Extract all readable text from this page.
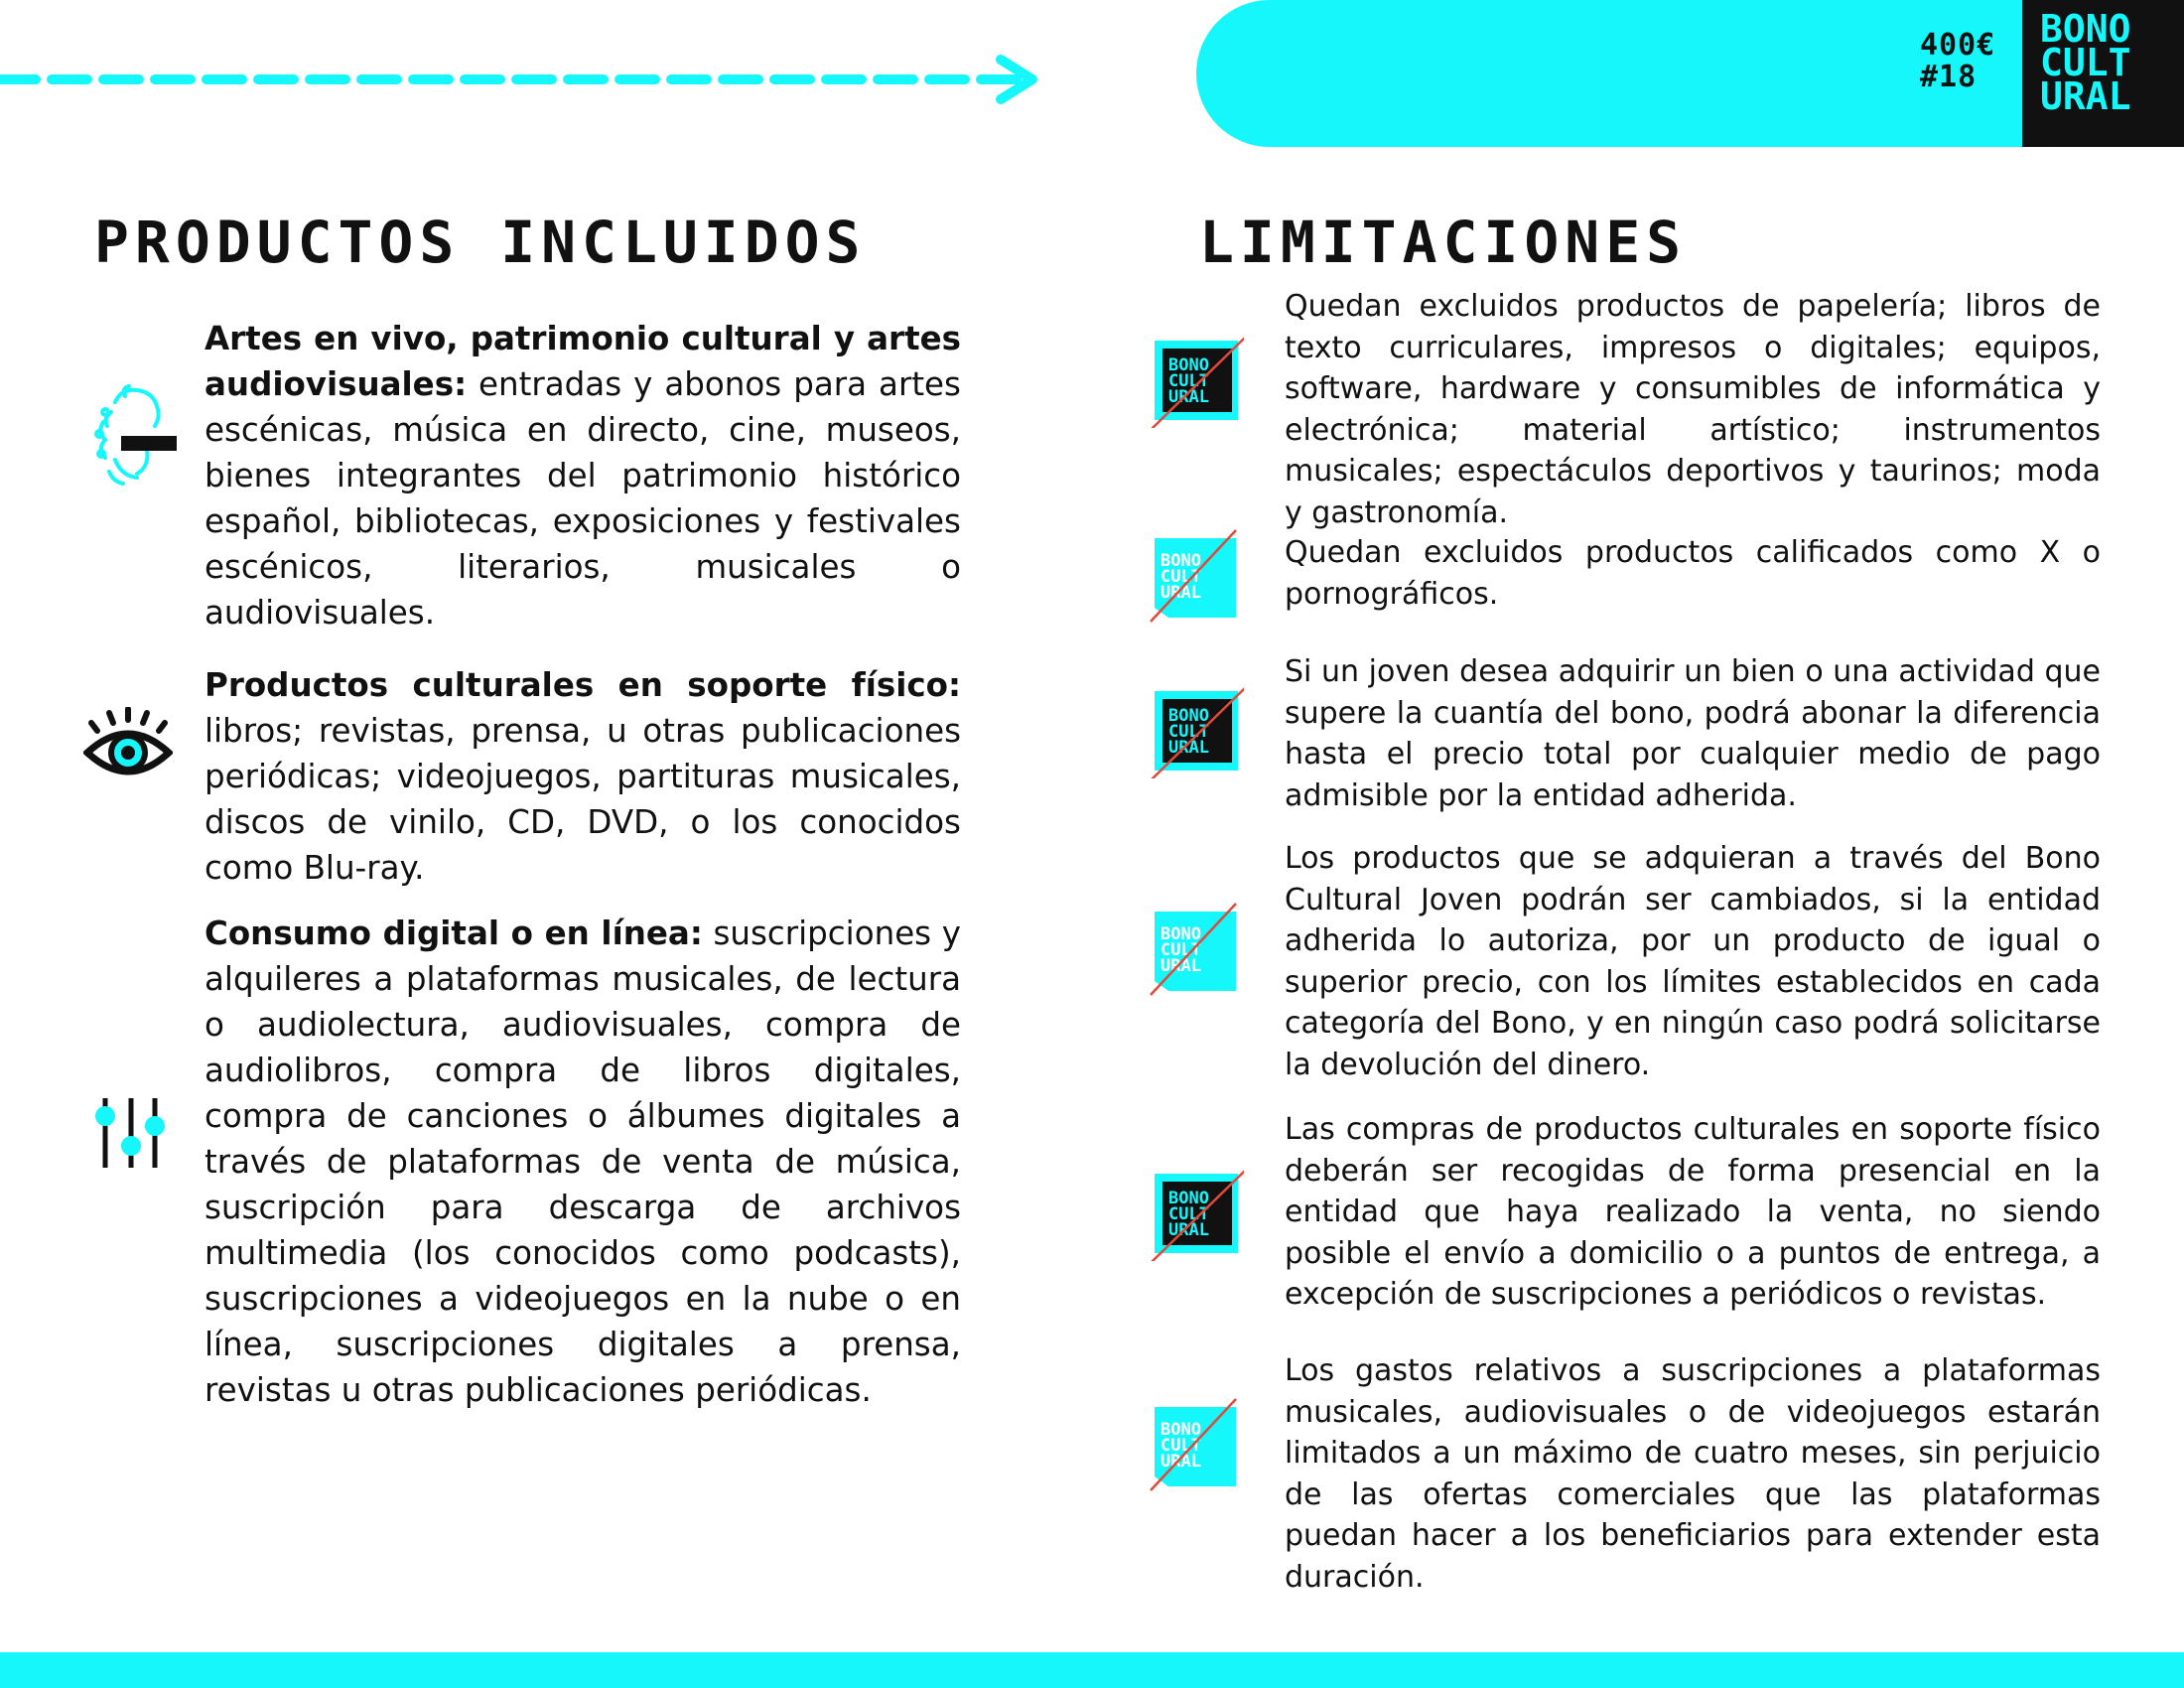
400€
#18
BONO
CULT
URAL
PRODUCTOS INCLUIDOS	LIMITACIONES
Artes en vivo, patrimonio cultural y artes audiovisuales: entradas y abonos para artes escénicas, música en directo, cine, museos, bienes integrantes del patrimonio histórico español, bibliotecas, exposiciones y festivales escénicos, literarios, musicales o audiovisuales.
Productos culturales en soporte físico: libros; revistas, prensa, u otras publicaciones periódicas; videojuegos, partituras musicales, discos de vinilo, CD, DVD, o los conocidos como Blu-ray.
Consumo digital o en línea: suscripciones y alquileres a plataformas musicales, de lectura o audiolectura, audiovisuales, compra de audiolibros, compra de libros digitales, compra de canciones o álbumes digitales a través de plataformas de venta de música, suscripción para descarga de archivos multimedia (los conocidos como podcasts), suscripciones a videojuegos en la nube o en línea, suscripciones digitales a prensa, revistas u otras publicaciones periódicas.
BONO
CULT
URAL
BONO
CULT
URAL
BONO
CULT
URAL
BONO
CULT
URAL
BONO
CULT
URAL
BONO
CULT
URAL
Quedan excluidos productos de papelería; libros de texto curriculares, impresos o digitales; equipos, software, hardware y consumibles de informática y electrónica; material artístico; instrumentos musicales; espectáculos deportivos y taurinos; moda y gastronomía.
Quedan excluidos productos calificados como X o pornográficos.
Si un joven desea adquirir un bien o una actividad que supere la cuantía del bono, podrá abonar la diferencia hasta el precio total por cualquier medio de pago admisible por la entidad adherida.
Los productos que se adquieran a través del Bono Cultural Joven podrán ser cambiados, si la entidad adherida lo autoriza, por un producto de igual o superior precio, con los límites establecidos en cada categoría del Bono, y en ningún caso podrá solicitarse la devolución del dinero.
Las compras de productos culturales en soporte físico deberán ser recogidas de forma presencial en la entidad que haya realizado la venta, no siendo posible el envío a domicilio o a puntos de entrega, a excepción de suscripciones a periódicos o revistas.
Los gastos relativos a suscripciones a plataformas musicales, audiovisuales o de videojuegos estarán limitados a un máximo de cuatro meses, sin perjuicio de las ofertas comerciales que las plataformas puedan hacer a los beneficiarios para extender esta duración.
